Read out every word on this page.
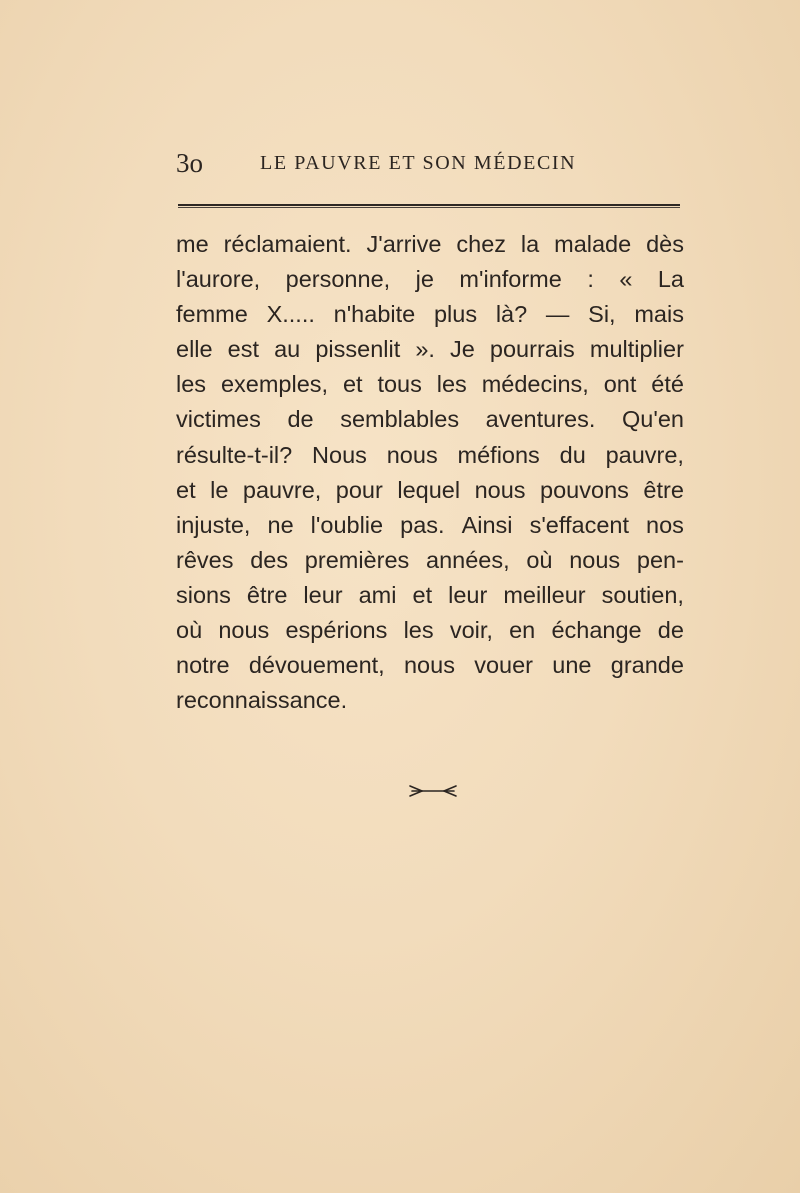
3o	LE PAUVRE ET SON MÉDECIN
me réclamaient. J'arrive chez la malade dès
l'aurore, personne, je m'informe : « La
femme X..... n'habite plus là? — Si, mais
elle est au pissenlit ». Je pourrais multiplier
les exemples, et tous les médecins, ont été
victimes de semblables aventures. Qu'en
résulte-t-il? Nous nous méfions du pauvre,
et le pauvre, pour lequel nous pouvons être
injuste, ne l'oublie pas. Ainsi s'effacent nos
rêves des premières années, où nous pen-
sions être leur ami et leur meilleur soutien,
où nous espérions les voir, en échange de
notre dévouement, nous vouer une grande
reconnaissance.
